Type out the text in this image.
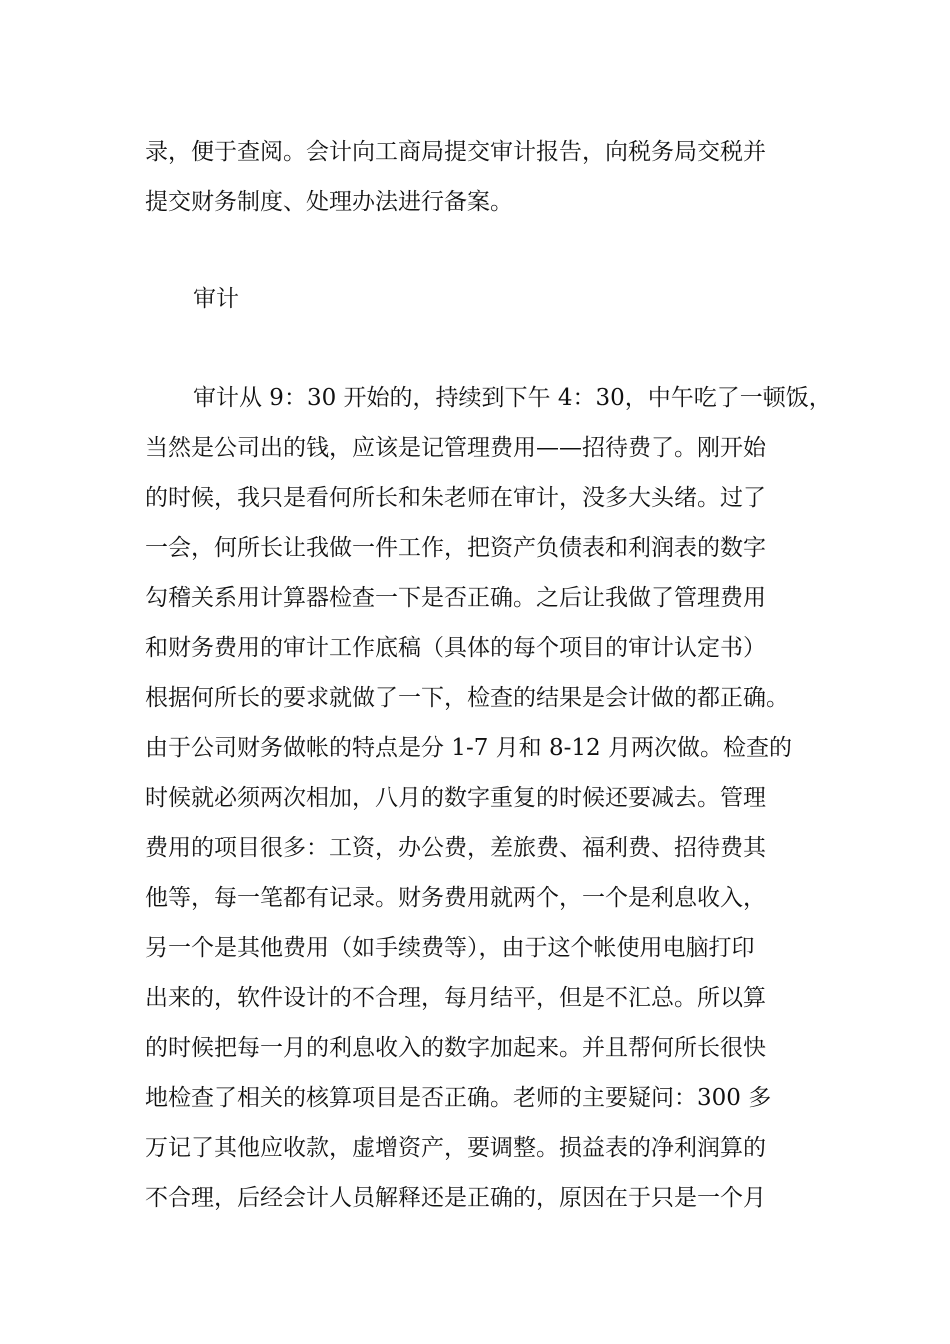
录，便于查阅。会计向工商局提交审计报告，向税务局交税并
提交财务制度、处理办法进行备案。
审计
审计从 9：30 开始的，持续到下午 4：30，中午吃了一顿饭，
当然是公司出的钱，应该是记管理费用——招待费了。刚开始
的时候，我只是看何所长和朱老师在审计，没多大头绪。过了
一会，何所长让我做一件工作，把资产负债表和利润表的数字
勾稽关系用计算器检查一下是否正确。之后让我做了管理费用
和财务费用的审计工作底稿（具体的每个项目的审计认定书）
根据何所长的要求就做了一下，检查的结果是会计做的都正确。
由于公司财务做帐的特点是分 1-7 月和 8-12 月两次做。检查的
时候就必须两次相加，八月的数字重复的时候还要减去。管理
费用的项目很多：工资，办公费，差旅费、福利费、招待费其
他等，每一笔都有记录。财务费用就两个，一个是利息收入，
另一个是其他费用（如手续费等），由于这个帐使用电脑打印
出来的，软件设计的不合理，每月结平，但是不汇总。所以算
的时候把每一月的利息收入的数字加起来。并且帮何所长很快
地检查了相关的核算项目是否正确。老师的主要疑问：300 多
万记了其他应收款，虚增资产，要调整。损益表的净利润算的
不合理，后经会计人员解释还是正确的，原因在于只是一个月
